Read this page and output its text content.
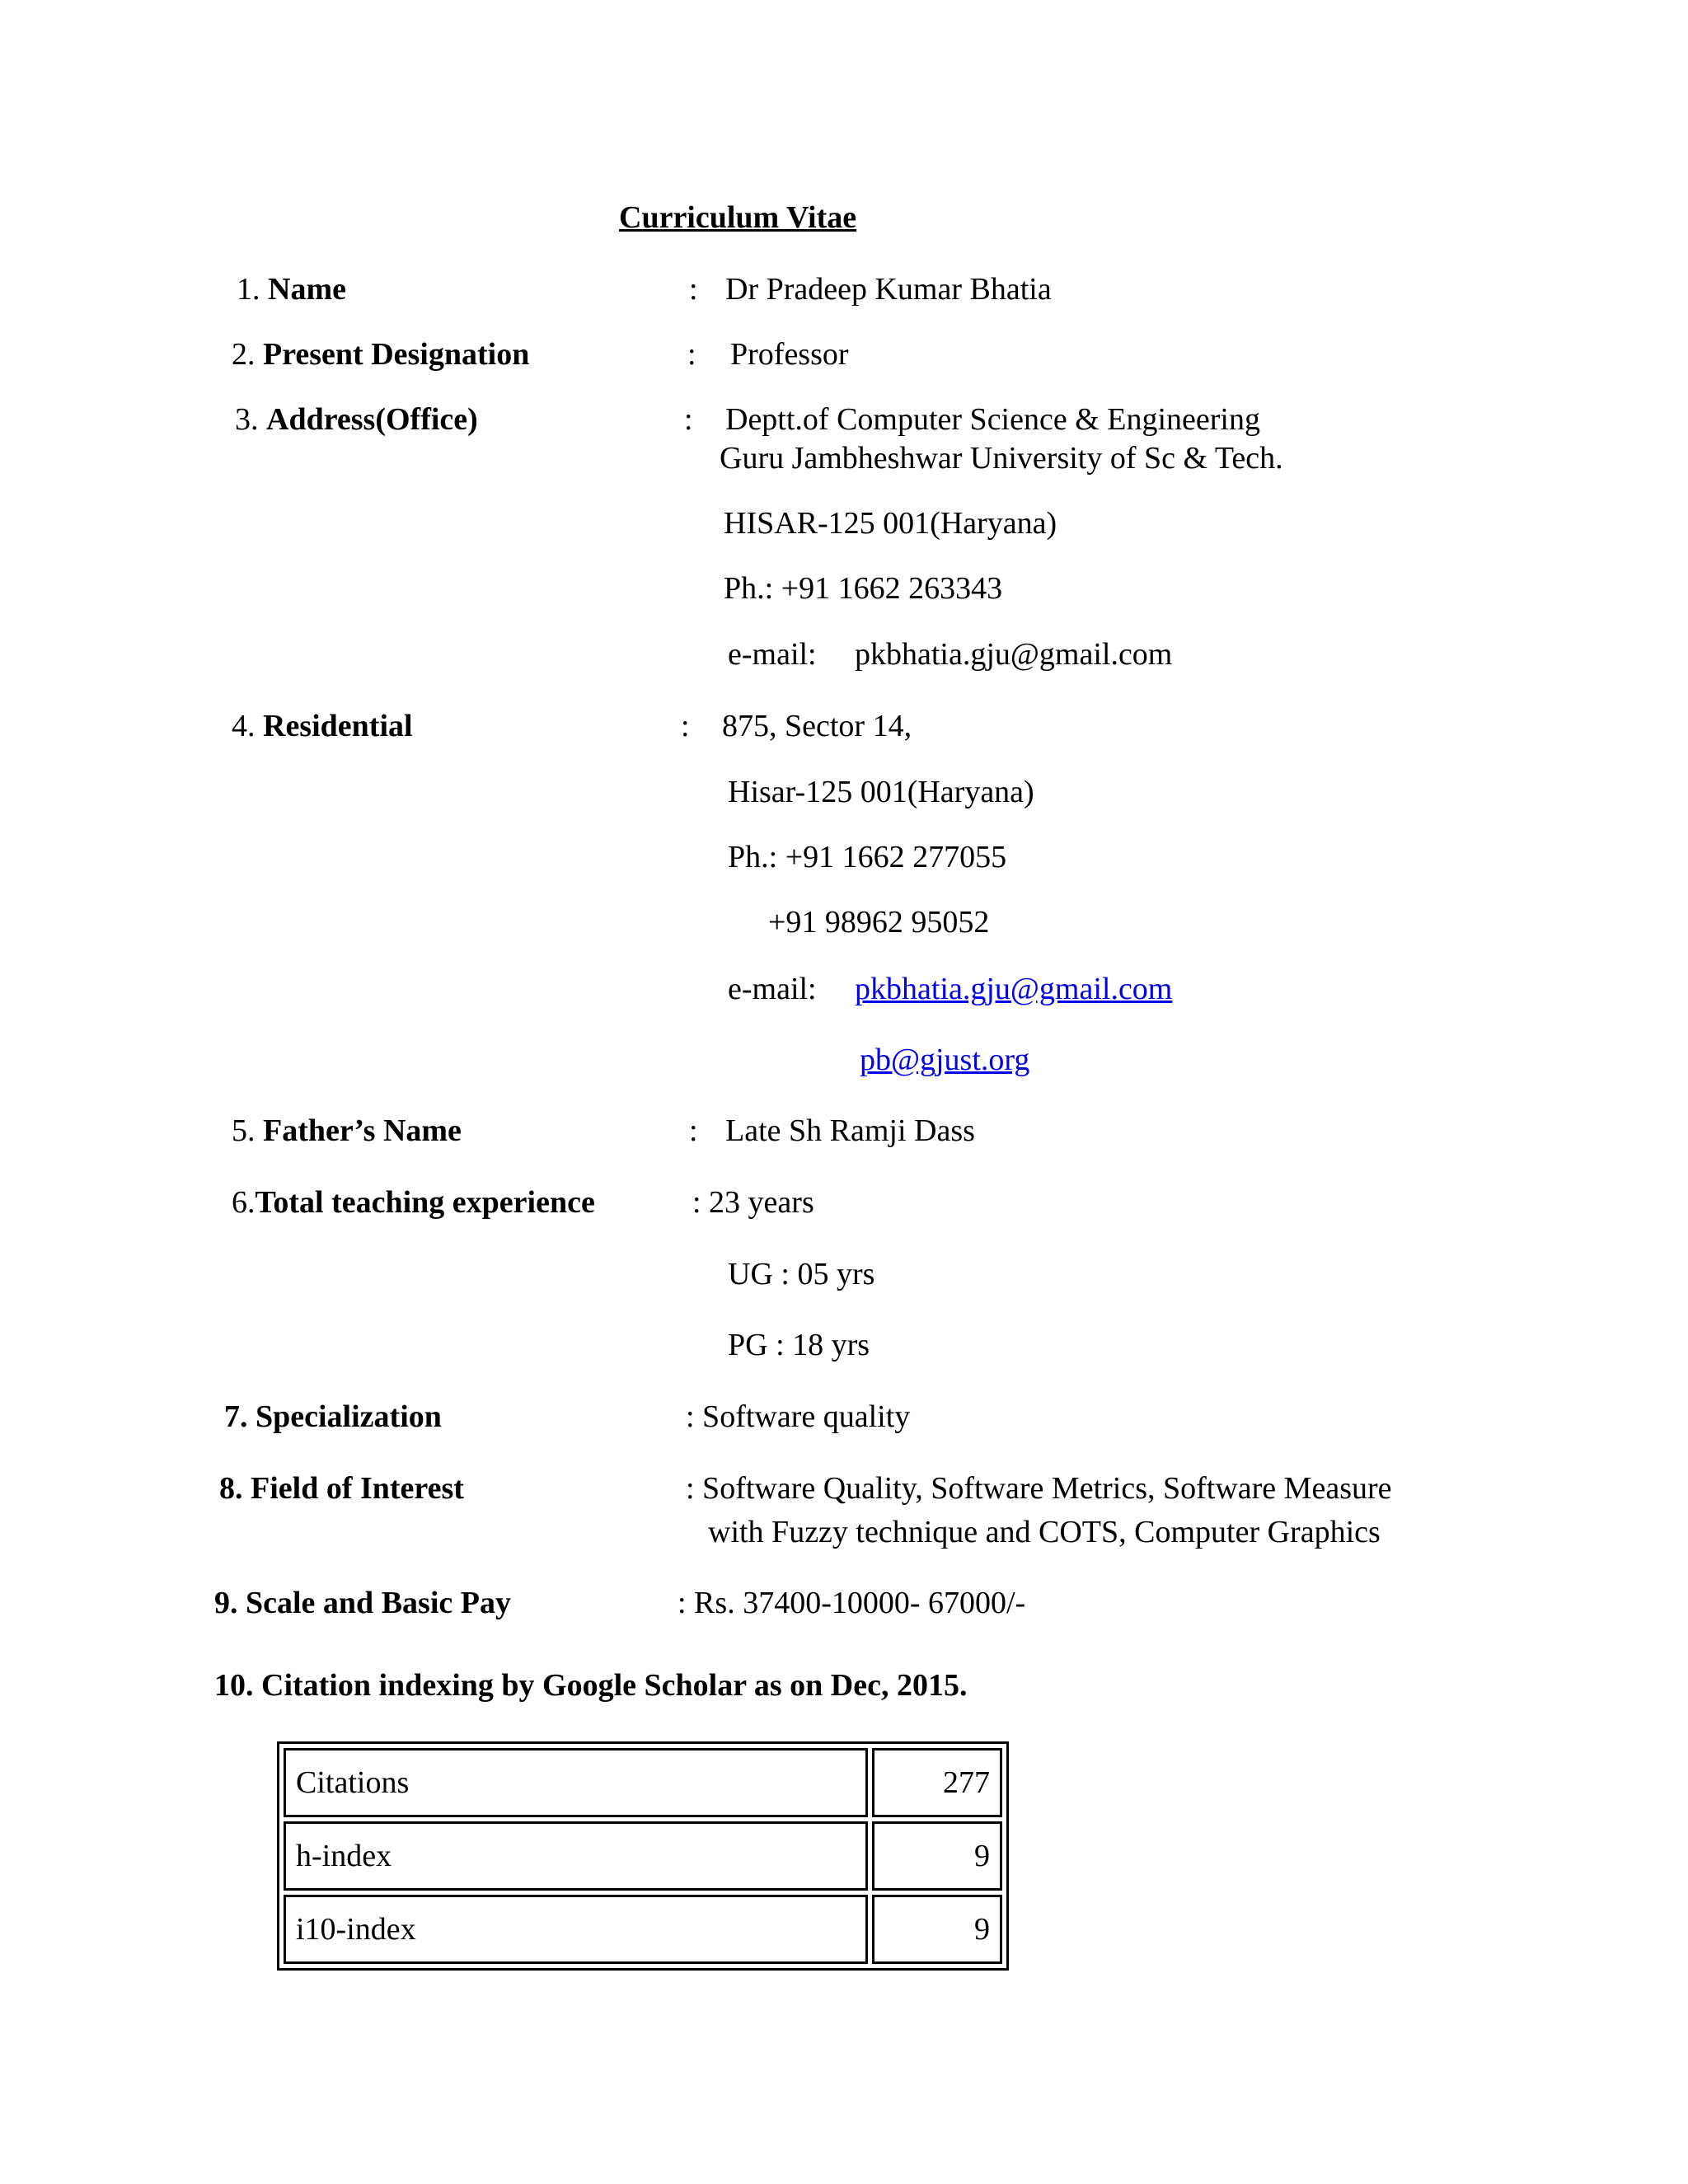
Curriculum Vitae
1. Name	: Dr Pradeep Kumar Bhatia
2. Present Designation	: Professor
3. Address(Office)	: Deptt.of Computer Science & Engineering
Guru Jambheshwar University of Sc & Tech.
HISAR-125 001(Haryana)
Ph.: +91 1662 263343
e-mail: pkbhatia.gju@gmail.com
4. Residential	: 875, Sector 14,
Hisar-125 001(Haryana)
Ph.: +91 1662 277055
+91 98962 95052
e-mail: pkbhatia.gju@gmail.com
pb@gjust.org
5. Father’s Name	: Late Sh Ramji Dass
6.Total teaching experience	: 23 years
UG : 05 yrs
PG : 18 yrs
7. Specialization	: Software quality
8. Field of Interest	: Software Quality, Software Metrics, Software Measure
with Fuzzy technique and COTS, Computer Graphics
9. Scale and Basic Pay	: Rs. 37400-10000- 67000/-
10. Citation indexing by Google Scholar as on Dec, 2015.
Citations	277
h-index	9
i10-index	9
